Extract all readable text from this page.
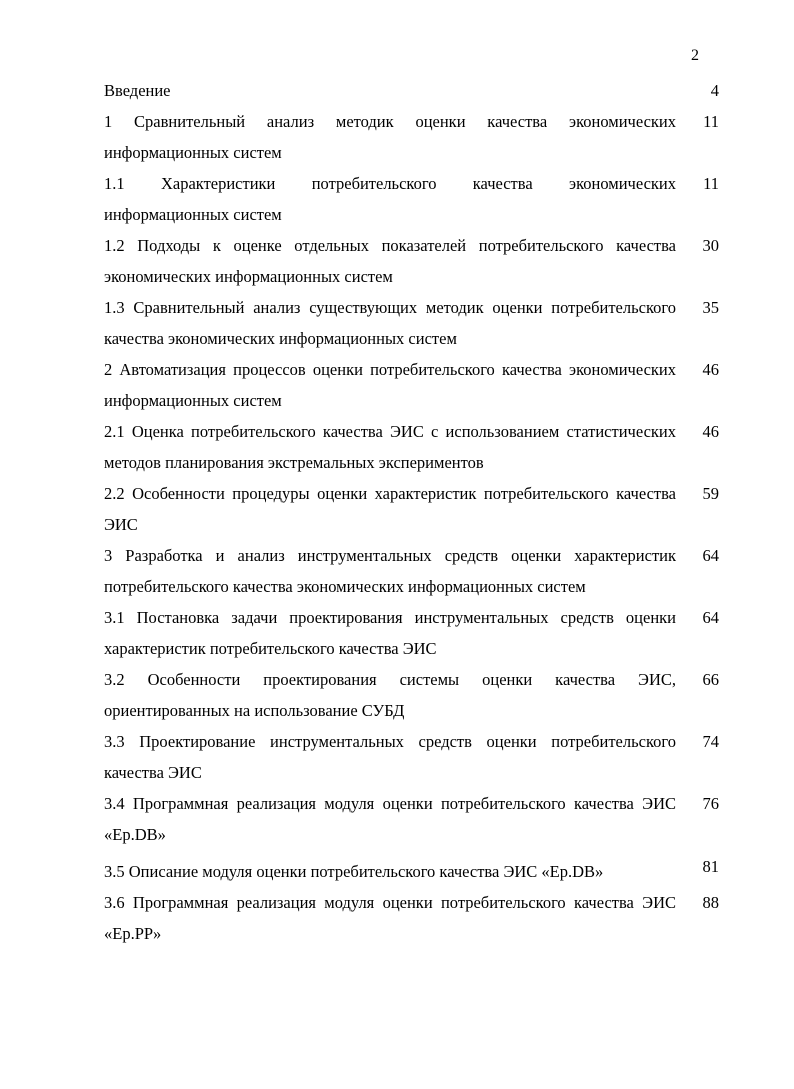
2
Введение	4
1 Сравнительный анализ методик оценки качества экономических информационных систем
11
1.1 Характеристики потребительского качества экономических информационных систем
11
1.2 Подходы к оценке отдельных показателей потребительского качества экономических информационных систем
30
1.3 Сравнительный анализ существующих методик оценки потребительского качества экономических информационных систем
35
2 Автоматизация процессов оценки потребительского качества экономических информационных систем
46
2.1 Оценка потребительского качества ЭИС с использованием статистических методов планирования экстремальных экспериментов
46
2.2 Особенности процедуры оценки характеристик потребительского качества ЭИС
59
3 Разработка и анализ инструментальных средств оценки характеристик потребительского качества экономических информационных систем
64
3.1 Постановка задачи проектирования инструментальных средств оценки характеристик потребительского качества ЭИС
64
3.2 Особенности проектирования системы оценки качества ЭИС, ориентированных на использование СУБД
66
3.3 Проектирование инструментальных средств оценки потребительского качества ЭИС
74
3.4 Программная реализация модуля оценки потребительского качества ЭИС «Ep.DB»
76
3.5 Описание модуля оценки потребительского качества ЭИС «Ep.DB»	81
3.6 Программная реализация модуля оценки потребительского качества ЭИС «Ep.PP»
88
